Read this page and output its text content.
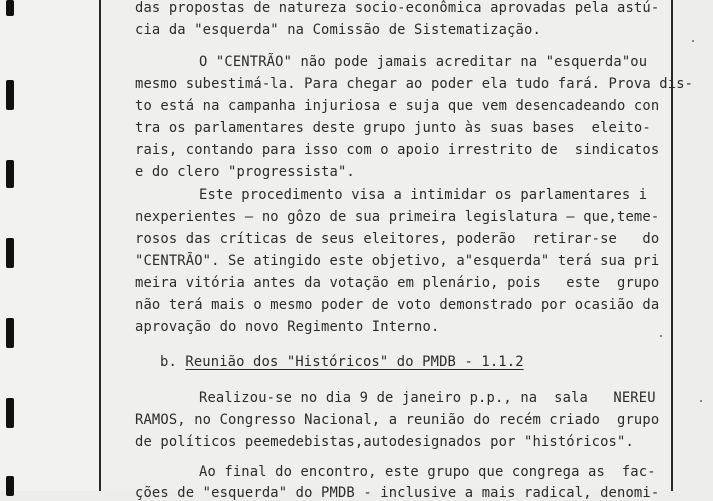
das propostas de natureza socio-econômica aprovadas pela astú-
cia da "esquerda" na Comissão de Sistematização.
O "CENTRÃO" não pode jamais acreditar na "esquerda"ou
mesmo subestimá-la. Para chegar ao poder ela tudo fará. Prova dis-
to está na campanha injuriosa e suja que vem desencadeando con
tra os parlamentares deste grupo junto às suas bases  eleito-
rais, contando para isso com o apoio irrestrito de  sindicatos
e do clero "progressista".
Este procedimento visa a intimidar os parlamentares i
nexperientes – no gôzo de sua primeira legislatura – que,teme-
rosos das críticas de seus eleitores, poderão  retirar-se   do
"CENTRÃO". Se atingido este objetivo, a"esquerda" terá sua pri
meira vitória antes da votação em plenário, pois   este  grupo
não terá mais o mesmo poder de voto demonstrado por ocasião da
aprovação do novo Regimento Interno.
b. Reunião dos "Históricos" do PMDB - 1.1.2
Realizou-se no dia 9 de janeiro p.p., na  sala   NEREU
RAMOS, no Congresso Nacional, a reunião do recém criado  grupo
de políticos peemedebistas,autodesignados por "históricos".
Ao final do encontro, este grupo que congrega as  fac-
ções de "esquerda" do PMDB - inclusive a mais radical, denomi-
